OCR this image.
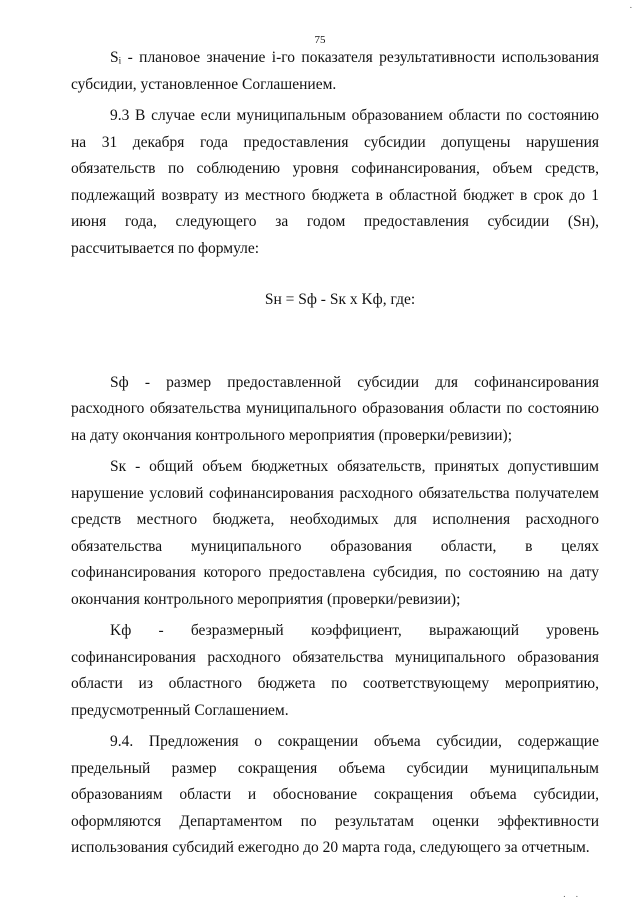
.
75

Sᵢ - плановое значение i-го показателя результативности использования субсидии, установленное Соглашением.

9.3 В случае если муниципальным образованием области по состоянию на 31 декабря года предоставления субсидии допущены нарушения обязательств по соблюдению уровня софинансирования, объем средств, подлежащий возврату из местного бюджета в областной бюджет в срок до 1 июня года, следующего за годом предоставления субсидии (Sн), рассчитывается по формуле:

Sн = Sф - Sк x Kф, где:

Sф - размер предоставленной субсидии для софинансирования расходного обязательства муниципального образования области по состоянию на дату окончания контрольного мероприятия (проверки/ревизии);

Sк - общий объем бюджетных обязательств, принятых допустившим нарушение условий софинансирования расходного обязательства получателем средств местного бюджета, необходимых для исполнения расходного обязательства муниципального образования области, в целях софинансирования которого предоставлена субсидия, по состоянию на дату окончания контрольного мероприятия (проверки/ревизии);

Kф - безразмерный коэффициент, выражающий уровень софинансирования расходного обязательства муниципального образования области из областного бюджета по соответствующему мероприятию, предусмотренный Соглашением.

9.4. Предложения о сокращении объема субсидии, содержащие предельный размер сокращения объема субсидии муниципальным образованиям области и обоснование сокращения объема субсидии, оформляются Департаментом по результатам оценки эффективности использования субсидий ежегодно до 20 марта года, следующего за отчетным.

. .
